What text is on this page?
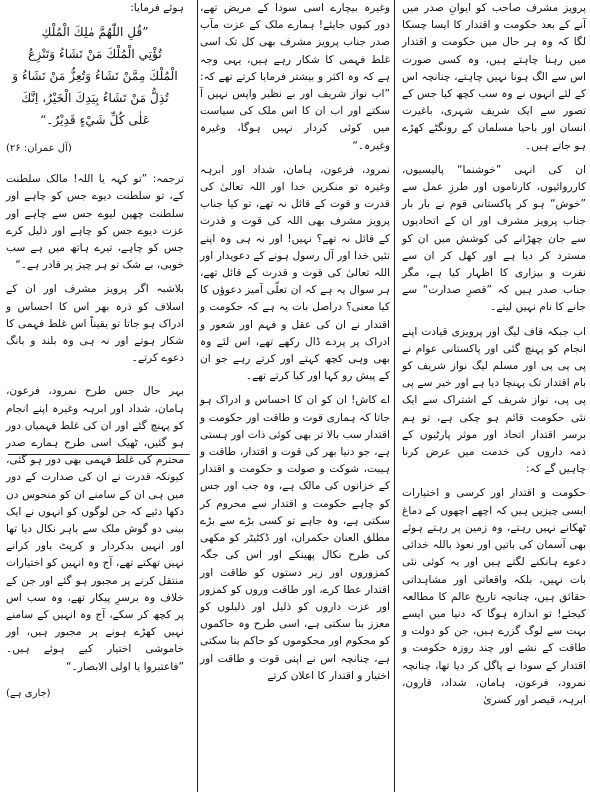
پرویز مشرف صاحب کو ایوانِ صدر میں آنے کے بعد حکومت و اقتدار کا ایسا چسکا لگا کہ وہ ہر حال میں حکومت و اقتدار میں رہنا چاہتے ہیں، وہ کسی صورت اس سے الگ ہونا نہیں چاہتے، چنانچہ اس کے لئے انہوں نے وہ سب کچھ کیا جس کے تصور سے ایک شریف شہری، باغیرت انسان اور باحیا مسلمان کے رونگٹے کھڑے ہو جاتے ہیں۔

ان کی انہی ”خوشنما“ پالیسیوں، کارروائیوں، کارناموں اور طرزِ عمل سے ”خوش“ ہو کر پاکستانی قوم نے بار بار جناب پرویز مشرف اور ان کے اتحادیوں سے جان چھڑانے کی کوشش میں ان کو مسترد کر دیا ہے اور کھل کر ان سے نفرت و بیزاری کا اظہار کیا ہے، مگر جناب صدر ہیں کہ ”قصرِ صدارت“ سے جانے کا نام نہیں لیتے۔

اب جبکہ قاف لیگ اور پرویزی قیادت اپنے انجام کو پہنچ گئی اور پاکستانی عوام نے پی پی پی اور مسلم لیگ نواز شریف کو بام اقتدار تک پہنچا دیا ہے اور خیر سے پی پی پی، نواز شریف کے اشتراک سے ایک نئی حکومت قائم ہو چکی ہے، تو ہم برسر اقتدار اتحاد اور موثر پارٹیوں کے ذمہ داروں کی خدمت میں عرض کرنا چاہیں گے کہ:

حکومت و اقتدار اور کرسی و اختیارات ایسی چیزیں ہیں کہ اچھے اچھوں کے دماغ ٹھکانے نہیں رہتے، وہ زمین پر رہتے ہوئے بھی آسمان کی باتیں اور نعوذ باللہ خدائی دعوے ہانکنے لگتے ہیں اور یہ کوئی نئی بات نہیں، بلکہ واقعاتی اور مشاہداتی حقائق ہیں، چنانچہ تاریخ عالم کا مطالعہ کیجئے! تو اندازہ ہوگا کہ دنیا میں ایسے بہت سے لوگ گزرے ہیں، جن کو دولت و طاقت کے نشے اور چند روزہ حکومت و اقتدار کے سودا نے پاگل کر دیا تھا، چنانچہ نمرود، فرعون، ہامان، شداد، قارون، ابرہہ، قیصر اور کسریٰ

وغیرہ بیچارے اسی سودا کے مریض تھے، دور کیوں جایئے! ہمارے ملک کے عزت مآب صدر جناب پرویز مشرف بھی کل تک اسی غلط فہمی کا شکار رہے ہیں، یہی وجہ ہے کہ وہ اکثر و بیشتر فرمایا کرتے تھے کہ: ”اب نواز شریف اور بے نظیر واپس نہیں آ سکتے اور اب ان کا اس ملک کی سیاست میں کوئی کردار نہیں ہوگا، وغیرہ وغیرہ۔“

نمرود، فرعون، ہامان، شداد اور ابرہہ وغیرہ تو منکرین خدا اور اللہ تعالیٰ کی قدرت و قوت کے قائل نہ تھے، تو کیا جناب پرویز مشرف بھی اللہ کی قوت و قدرت کے قائل نہ تھے؟ نہیں! اور نہ ہی وہ اپنے تئیں خدا اور آل رسول ہونے کے دعویدار اور اللہ تعالیٰ کی قوت و قدرت کے قائل تھے، ہر سوال یہ ہے کہ ان تعلّی آمیز دعوؤں کا کیا معنی؟ دراصل بات یہ ہے کہ حکومت و اقتدار نے ان کی عقل و فہم اور شعور و ادراک پر پردے ڈال رکھے تھے، اس لئے وہ بھی وہی کچھ کہتے اور کرتے رہے جو ان کے پیش رو کہا اور کیا کرتے تھے۔

اے کاش! ان کو ان کا احساس و ادراک ہو جاتا کہ ہماری قوت و طاقت اور حکومت و اقتدار سب بالا تر بھی کوئی ذات اور ہستی ہے، جو دنیا بھر کی قوت و اقتدار، طاقت و ہیبت، شوکت و صولت و حکومت و اقتدار کے خزانوں کی مالک ہے، وہ جب اور جس کو چاہے حکومت و اقتدار سے محروم کر سکتی ہے، وہ جاہے تو کسی بڑے سے بڑے مطلق العنان حکمران، اور ڈکٹیٹر کو مکھی کی طرح نکال پھینکے اور اس کی جگہ کمزوروں اور زیر دستوں کو طاقت اور اقتدار عطا کرے، اور طاقت وروں کو کمزور اور عزت داروں کو ذلیل اور ذلیلوں کو معزز بنا سکتی ہے، اسی طرح وہ حاکموں کو محکوم اور محکوموں کو حاکم بنا سکتی ہے، چنانچہ اس نے اپنی قوت و طاقت اور اختیار و اقتدار کا اعلان کرتے

ہوئے فرمایا:

”قُلِ اللّٰهُمَّ مٰلِكَ الْمُلْكِ

تُؤْتِي الْمُلْكَ مَنْ تَشَاءُ وَتَنْزِعُ

الْمُلْكَ مِمَّنْ تَشَاءُ وَتُعِزُّ مَنْ تَشَاءُ وَ

تُذِلُّ مَنْ تَشَاءُ بِيَدِكَ الْخَيْرُ، اِنَّكَ

عَلٰى كُلِّ شَيْءٍ قَدِيْرٌ۔“

(آل عمران: ۲۶)

ترجمہ: ”تو کہہ یا اللہ! مالک سلطنت کے، تو سلطنت دیوے جس کو چاہے اور سلطنت چھین لیوے جس سے چاہے اور عزت دیوے جس کو چاہے اور ذلیل کرے جس کو چاہے، تیرے ہاتھ میں ہے سب خوبی، بے شک تو ہر چیز پر قادر ہے۔“

بلاشبہ اگر پرویز مشرف اور ان کے اسلاف کو ذرہ بھر اس کا احساس و ادراک ہو جاتا تو یقیناً اس غلط فہمی کا شکار ہوتے اور نہ ہی وہ بلند و بانگ دعوے کرتے۔

بہر حال جس طرح نمرود، فرعون، ہامان، شداد اور ابرہہ وغیرہ اپنے انجام کو پہنچ گئے اور ان کی غلط فہمیاں دور ہو گئیں، ٹھیک اسی طرح ہمارے صدر محترم کی غلط فہمی بھی دور ہو گئی، کیونکہ قدرت نے ان کی صدارت کے دور میں ہی ان کے سامنے ان کو منحوس دن دکھا دئیے کہ جن لوگوں کو انہوں نے ایک بینی دو گوش ملک سے باہر نکال دیا تھا اور انہیں بدکردار و کرپٹ باور کرانے نہیں تھکتے تھے، آج وہ انہیں کو اختیارات منتقل کرنے پر مجبور ہو گئے اور جن کے خلاف وہ برسرِ پیکار تھے، وہ سب اس پر کچھ کر سکے، آج وہ انہیں کے سامنے نہیں کھڑے ہونے پر مجبور ہیں، اور خاموشی اختیار کیے ہوئے ہیں۔ ”فاعتبروا یا اولی الابصار۔“

(جاری ہے)
